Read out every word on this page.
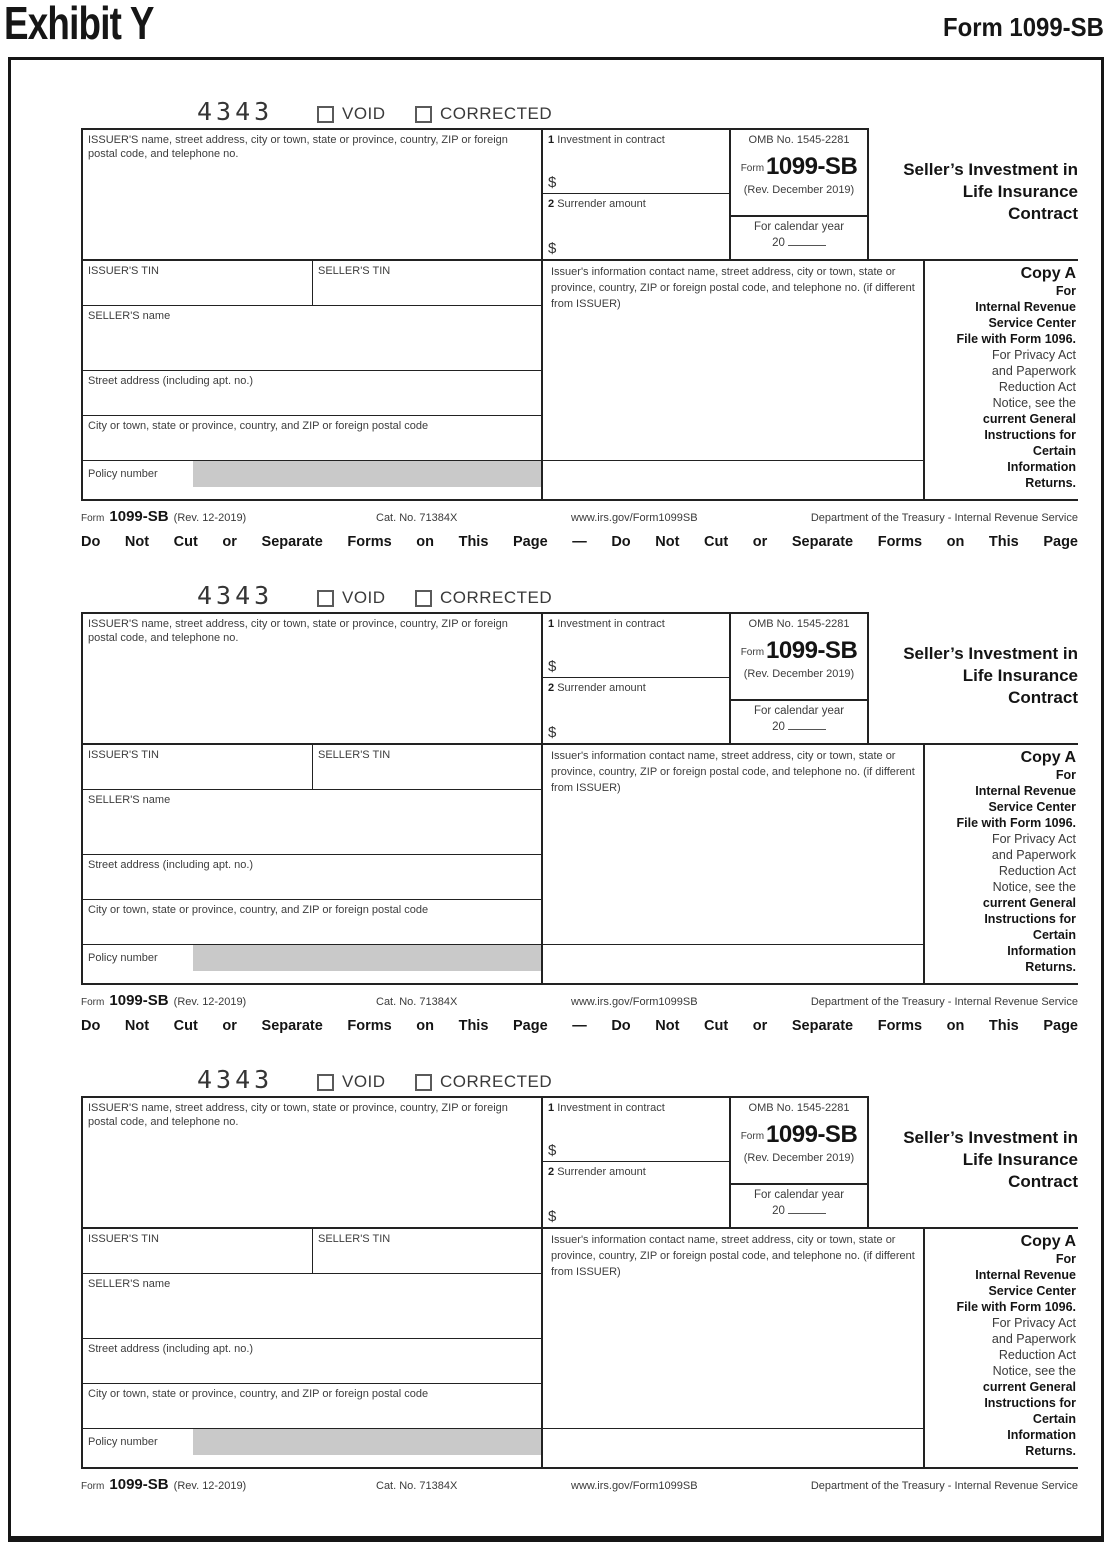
Exhibit Y	Form 1099-SB
4343	VOID	CORRECTED
ISSUER'S name, street address, city or town, state or province, country, ZIP or foreign postal code, and telephone no.
1 Investment in contract
$
2 Surrender amount
$
OMB No. 1545-2281
Form1099-SB
(Rev. December 2019)
For calendar year
20
Seller’s Investment in
Life Insurance
Contract
ISSUER'S TIN	SELLER'S TIN
SELLER'S name
Street address (including apt. no.)
City or town, state or province, country, and ZIP or foreign postal code
Policy number
Issuer's information contact name, street address, city or town, state or province, country, ZIP or foreign postal code, and telephone no. (if different from ISSUER)
Copy A
For
Internal Revenue
Service Center
File with Form 1096.
For Privacy Act
and Paperwork
Reduction Act
Notice, see the
current General
Instructions for
Certain
Information
Returns.
Form 1099-SB (Rev. 12-2019)	Cat. No. 71384X	www.irs.gov/Form1099SB	Department of the Treasury - Internal Revenue Service
Do Not Cut or Separate Forms on This Page — Do Not Cut or Separate Forms on This Page
4343	VOID	CORRECTED
ISSUER'S name, street address, city or town, state or province, country, ZIP or foreign postal code, and telephone no.
1 Investment in contract
$
2 Surrender amount
$
OMB No. 1545-2281
Form1099-SB
(Rev. December 2019)
For calendar year
20
Seller’s Investment in
Life Insurance
Contract
ISSUER'S TIN	SELLER'S TIN
SELLER'S name
Street address (including apt. no.)
City or town, state or province, country, and ZIP or foreign postal code
Policy number
Issuer's information contact name, street address, city or town, state or province, country, ZIP or foreign postal code, and telephone no. (if different from ISSUER)
Copy A
For
Internal Revenue
Service Center
File with Form 1096.
For Privacy Act
and Paperwork
Reduction Act
Notice, see the
current General
Instructions for
Certain
Information
Returns.
Form 1099-SB (Rev. 12-2019)	Cat. No. 71384X	www.irs.gov/Form1099SB	Department of the Treasury - Internal Revenue Service
Do Not Cut or Separate Forms on This Page — Do Not Cut or Separate Forms on This Page
4343	VOID	CORRECTED
ISSUER'S name, street address, city or town, state or province, country, ZIP or foreign postal code, and telephone no.
1 Investment in contract
$
2 Surrender amount
$
OMB No. 1545-2281
Form1099-SB
(Rev. December 2019)
For calendar year
20
Seller’s Investment in
Life Insurance
Contract
ISSUER'S TIN	SELLER'S TIN
SELLER'S name
Street address (including apt. no.)
City or town, state or province, country, and ZIP or foreign postal code
Policy number
Issuer's information contact name, street address, city or town, state or province, country, ZIP or foreign postal code, and telephone no. (if different from ISSUER)
Copy A
For
Internal Revenue
Service Center
File with Form 1096.
For Privacy Act
and Paperwork
Reduction Act
Notice, see the
current General
Instructions for
Certain
Information
Returns.
Form 1099-SB (Rev. 12-2019)	Cat. No. 71384X	www.irs.gov/Form1099SB	Department of the Treasury - Internal Revenue Service
